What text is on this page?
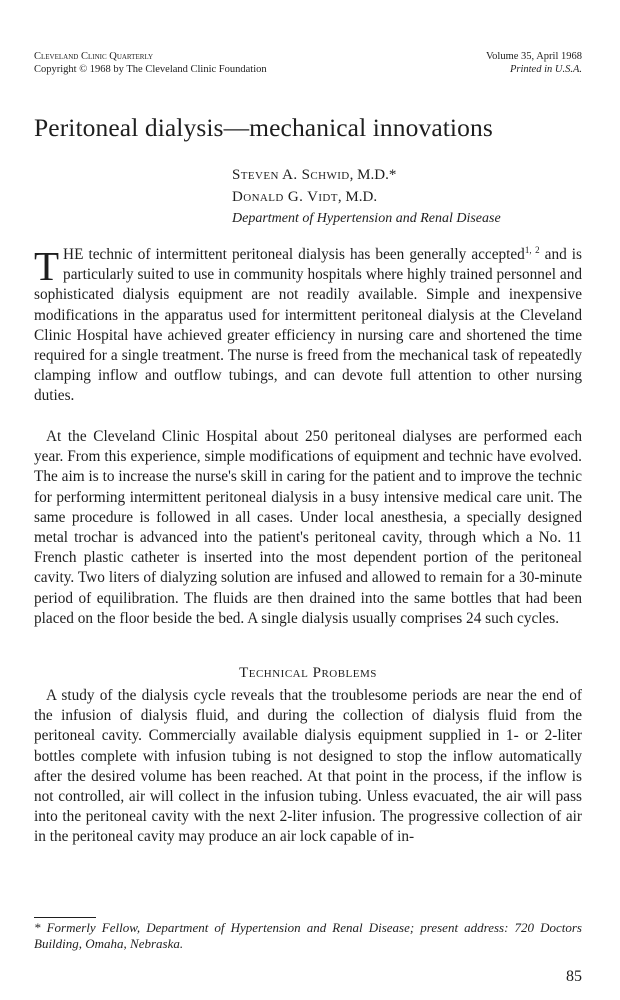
Cleveland Clinic Quarterly
Copyright © 1968 by The Cleveland Clinic Foundation
Volume 35, April 1968
Printed in U.S.A.
Peritoneal dialysis—mechanical innovations
Steven A. Schwid, M.D.*
Donald G. Vidt, M.D.
Department of Hypertension and Renal Disease

THE technic of intermittent peritoneal dialysis has been generally accepted$^{1, 2}$ and is particularly suited to use in community hospitals where highly trained personnel and sophisticated dialysis equipment are not readily available. Simple and inexpensive modifications in the apparatus used for intermittent peritoneal dialysis at the Cleveland Clinic Hospital have achieved greater efficiency in nursing care and shortened the time required for a single treatment. The nurse is freed from the mechanical task of repeatedly clamping inflow and outflow tubings, and can devote full attention to other nursing duties.

At the Cleveland Clinic Hospital about 250 peritoneal dialyses are performed each year. From this experience, simple modifications of equipment and technic have evolved. The aim is to increase the nurse's skill in caring for the patient and to improve the technic for performing intermittent peritoneal dialysis in a busy intensive medical care unit. The same procedure is followed in all cases. Under local anesthesia, a specially designed metal trochar is advanced into the patient's peritoneal cavity, through which a No. 11 French plastic catheter is inserted into the most dependent portion of the peritoneal cavity. Two liters of dialyzing solution are infused and allowed to remain for a 30-minute period of equilibration. The fluids are then drained into the same bottles that had been placed on the floor beside the bed. A single dialysis usually comprises 24 such cycles.

Technical Problems

A study of the dialysis cycle reveals that the troublesome periods are near the end of the infusion of dialysis fluid, and during the collection of dialysis fluid from the peritoneal cavity. Commercially available dialysis equipment supplied in 1- or 2-liter bottles complete with infusion tubing is not designed to stop the inflow automatically after the desired volume has been reached. At that point in the process, if the inflow is not controlled, air will collect in the infusion tubing. Unless evacuated, the air will pass into the peritoneal cavity with the next 2-liter infusion. The progressive collection of air in the peritoneal cavity may produce an air lock capable of in-

* Formerly Fellow, Department of Hypertension and Renal Disease; present address: 720 Doctors Building, Omaha, Nebraska.
85
